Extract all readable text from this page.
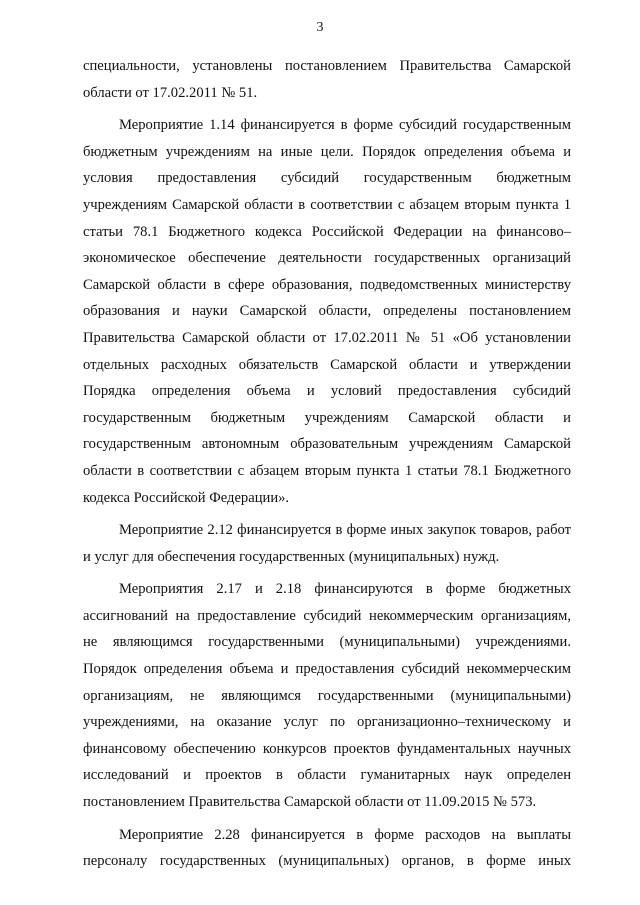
3
специальности, установлены постановлением Правительства Самарской
области от 17.02.2011 № 51.
Мероприятие 1.14 финансируется в форме субсидий государственным
бюджетным учреждениям на иные цели. Порядок определения объема и
условия предоставления субсидий государственным бюджетным
учреждениям Самарской области в соответствии с абзацем вторым пункта 1
статьи 78.1 Бюджетного кодекса Российской Федерации на финансово–
экономическое обеспечение деятельности государственных организаций
Самарской области в сфере образования, подведомственных министерству
образования и науки Самарской области, определены постановлением
Правительства Самарской области от 17.02.2011 № 51 «Об установлении
отдельных расходных обязательств Самарской области и утверждении
Порядка определения объема и условий предоставления субсидий
государственным бюджетным учреждениям Самарской области и
государственным автономным образовательным учреждениям Самарской
области в соответствии с абзацем вторым пункта 1 статьи 78.1 Бюджетного
кодекса Российской Федерации».
Мероприятие 2.12 финансируется в форме иных закупок товаров, работ
и услуг для обеспечения государственных (муниципальных) нужд.
Мероприятия 2.17 и 2.18 финансируются в форме бюджетных
ассигнований на предоставление субсидий некоммерческим организациям,
не являющимся государственными (муниципальными) учреждениями.
Порядок определения объема и предоставления субсидий некоммерческим
организациям, не являющимся государственными (муниципальными)
учреждениями, на оказание услуг по организационно–техническому и
финансовому обеспечению конкурсов проектов фундаментальных научных
исследований и проектов в области гуманитарных наук определен
постановлением Правительства Самарской области от 11.09.2015 № 573.
Мероприятие 2.28 финансируется в форме расходов на выплаты
персоналу государственных (муниципальных) органов, в форме иных
